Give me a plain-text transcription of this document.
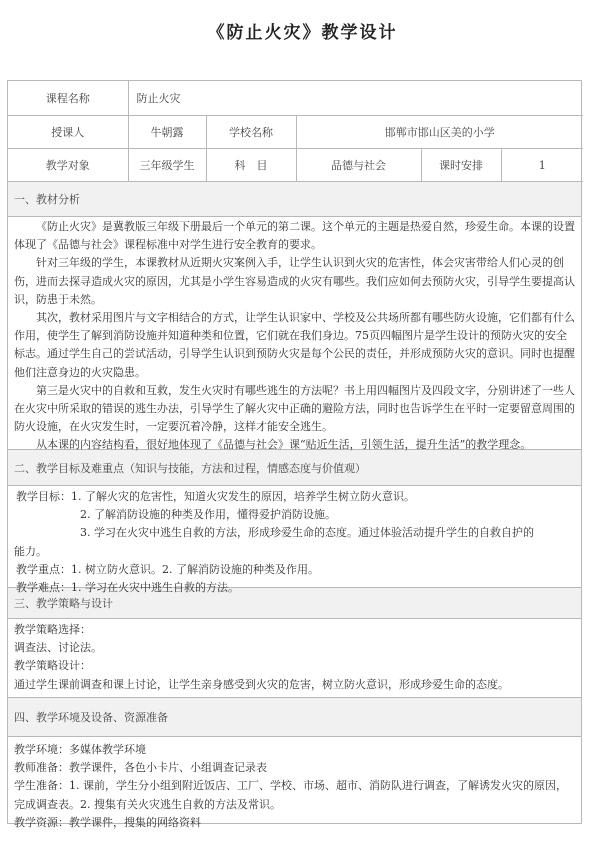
《防止火灾》教学设计
课程名称	防止火灾				
授课人	牛朝露	学校名称	邯郸市邯山区美的小学		
教学对象	三年级学生	科　目	品德与社会	课时安排	1
一、教材分析

《防止火灾》是冀教版三年级下册最后一个单元的第二课。这个单元的主题是热爱自然，珍爱生命。本课的设置体现了《品德与社会》课程标准中对学生进行安全教育的要求。

针对三年级的学生，本课教材从近期火灾案例入手，让学生认识到火灾的危害性，体会灾害带给人们心灵的创伤，进而去探寻造成火灾的原因，尤其是小学生容易造成的火灾有哪些。我们应如何去预防火灾，引导学生要提高认识，防患于未然。

其次，教材采用图片与文字相结合的方式，让学生认识家中、学校及公共场所都有哪些防火设施，它们都有什么作用，使学生了解到消防设施并知道种类和位置，它们就在我们身边。75页四幅图片是学生设计的预防火灾的安全标志。通过学生自己的尝试活动，引导学生认识到预防火灾是每个公民的责任，并形成预防火灾的意识。同时也提醒他们注意身边的火灾隐患。

第三是火灾中的自救和互救，发生火灾时有哪些逃生的方法呢？书上用四幅图片及四段文字，分别讲述了一些人在火灾中所采取的错误的逃生办法，引导学生了解火灾中正确的避险方法，同时也告诉学生在平时一定要留意周围的防火设施，在火灾发生时，一定要沉着冷静，这样才能安全逃生。

从本课的内容结构看，很好地体现了《品德与社会》课“贴近生活，引领生活，提升生活”的教学理念。

二、教学目标及难重点（知识与技能，方法和过程，情感态度与价值观）

教学目标：1. 了解火灾的危害性，知道火灾发生的原因，培养学生树立防火意识。

2. 了解消防设施的种类及作用，懂得爱护消防设施。

3. 学习在火灾中逃生自救的方法，形成珍爱生命的态度。通过体验活动提升学生的自救自护的

能力。

教学重点：1. 树立防火意识。2. 了解消防设施的种类及作用。

教学难点：1. 学习在火灾中逃生自救的方法。

三、教学策略与设计

教学策略选择：

调查法、讨论法。

教学策略设计：

通过学生课前调查和课上讨论，让学生亲身感受到火灾的危害，树立防火意识，形成珍爱生命的态度。

四、教学环境及设备、资源准备

教学环境：多媒体教学环境

教师准备：教学课件，各色小卡片、小组调查记录表

学生准备：1. 课前，学生分小组到附近饭店、工厂、学校、市场、超市、消防队进行调查，了解诱发火灾的原因，完成调查表。2. 搜集有关火灾逃生自救的方法及常识。

教学资源：教学课件，搜集的网络资料
